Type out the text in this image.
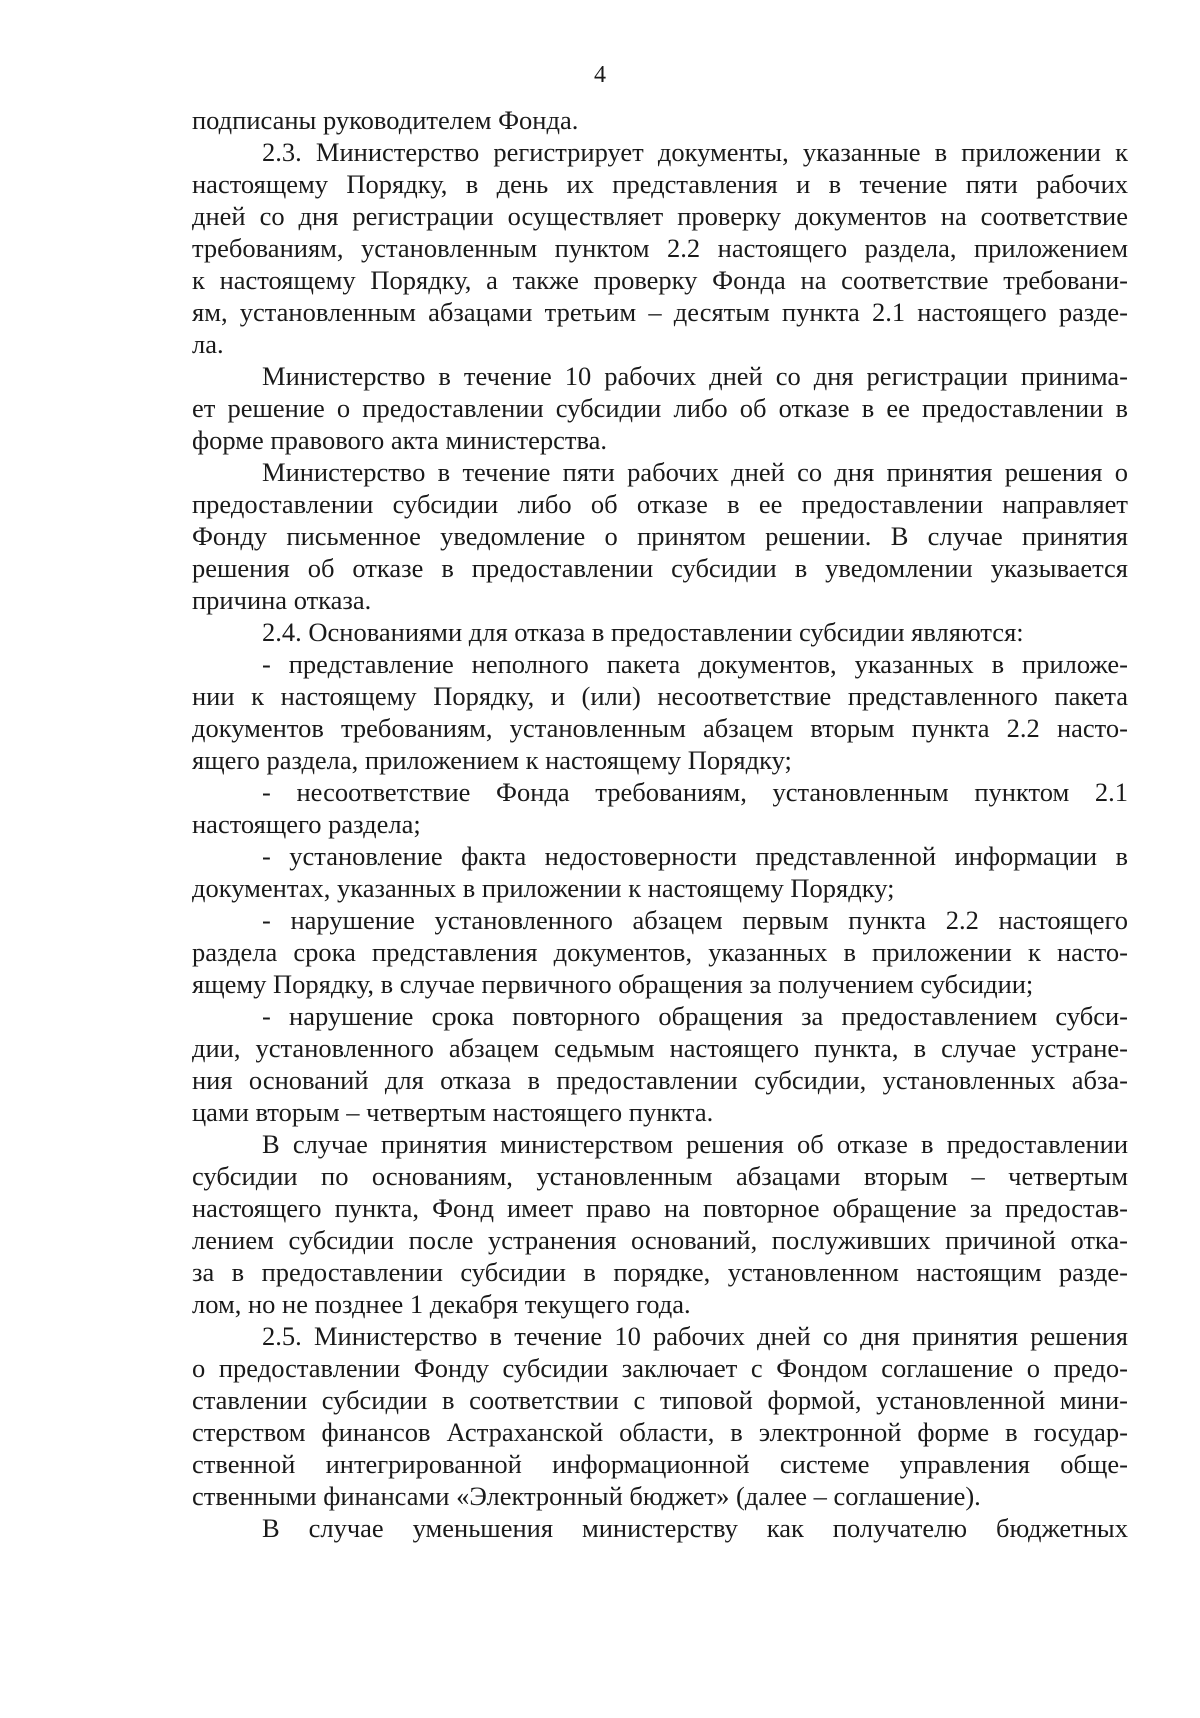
4

подписаны руководителем Фонда.
2.3. Министерство регистрирует документы, указанные в приложении к
настоящему Порядку, в день их представления и в течение пяти рабочих
дней со дня регистрации осуществляет проверку документов на соответствие
требованиям, установленным пунктом 2.2 настоящего раздела, приложением
к настоящему Порядку, а также проверку Фонда на соответствие требовани-
ям, установленным абзацами третьим – десятым пункта 2.1 настоящего разде-
ла.
Министерство в течение 10 рабочих дней со дня регистрации принима-
ет решение о предоставлении субсидии либо об отказе в ее предоставлении в
форме правового акта министерства.
Министерство в течение пяти рабочих дней со дня принятия решения о
предоставлении субсидии либо об отказе в ее предоставлении направляет
Фонду письменное уведомление о принятом решении. В случае принятия
решения об отказе в предоставлении субсидии в уведомлении указывается
причина отказа.
2.4. Основаниями для отказа в предоставлении субсидии являются:
- представление неполного пакета документов, указанных в приложе-
нии к настоящему Порядку, и (или) несоответствие представленного пакета
документов требованиям, установленным абзацем вторым пункта 2.2 насто-
ящего раздела, приложением к настоящему Порядку;
- несоответствие Фонда требованиям, установленным пунктом 2.1
настоящего раздела;
- установление факта недостоверности представленной информации в
документах, указанных в приложении к настоящему Порядку;
- нарушение установленного абзацем первым пункта 2.2 настоящего
раздела срока представления документов, указанных в приложении к насто-
ящему Порядку, в случае первичного обращения за получением субсидии;
- нарушение срока повторного обращения за предоставлением субси-
дии, установленного абзацем седьмым настоящего пункта, в случае устране-
ния оснований для отказа в предоставлении субсидии, установленных абза-
цами вторым – четвертым настоящего пункта.
В случае принятия министерством решения об отказе в предоставлении
субсидии по основаниям, установленным абзацами вторым – четвертым
настоящего пункта, Фонд имеет право на повторное обращение за предостав-
лением субсидии после устранения оснований, послуживших причиной отка-
за в предоставлении субсидии в порядке, установленном настоящим разде-
лом, но не позднее 1 декабря текущего года.
2.5. Министерство в течение 10 рабочих дней со дня принятия решения
о предоставлении Фонду субсидии заключает с Фондом соглашение о предо-
ставлении субсидии в соответствии с типовой формой, установленной мини-
стерством финансов Астраханской области, в электронной форме в государ-
ственной интегрированной информационной системе управления обще-
ственными финансами «Электронный бюджет» (далее – соглашение).
В случае уменьшения министерству как получателю бюджетных
